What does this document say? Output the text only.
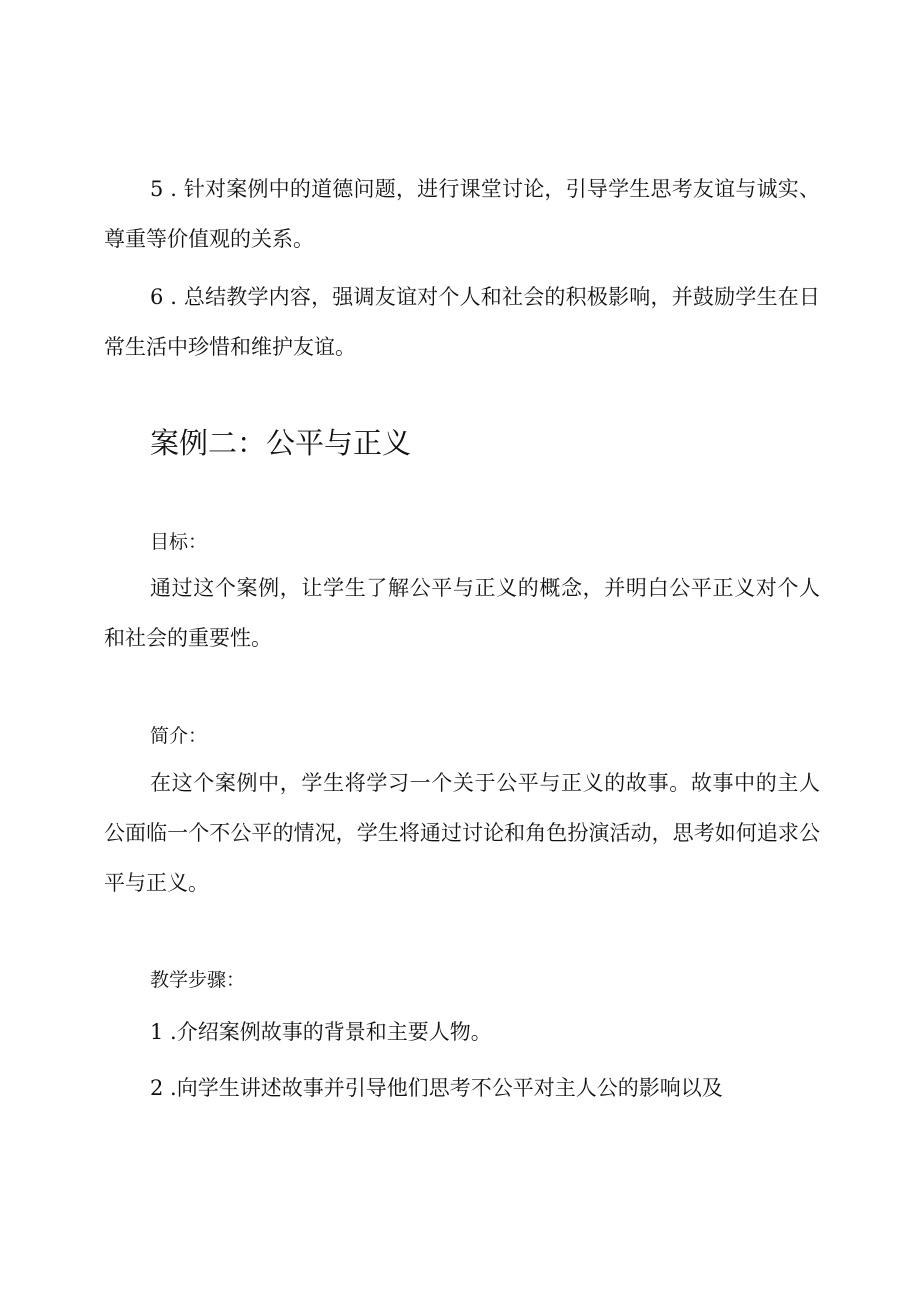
5 . 针对案例中的道德问题，进行课堂讨论，引导学生思考友谊与诚实、尊重等价值观的关系。

6 . 总结教学内容，强调友谊对个人和社会的积极影响，并鼓励学生在日常生活中珍惜和维护友谊。

案例二：公平与正义
目标：

通过这个案例，让学生了解公平与正义的概念，并明白公平正义对个人和社会的重要性。

简介：

在这个案例中，学生将学习一个关于公平与正义的故事。故事中的主人公面临一个不公平的情况，学生将通过讨论和角色扮演活动，思考如何追求公平与正义。

教学步骤：

1 .介绍案例故事的背景和主要人物。

2 .向学生讲述故事并引导他们思考不公平对主人公的影响以及
